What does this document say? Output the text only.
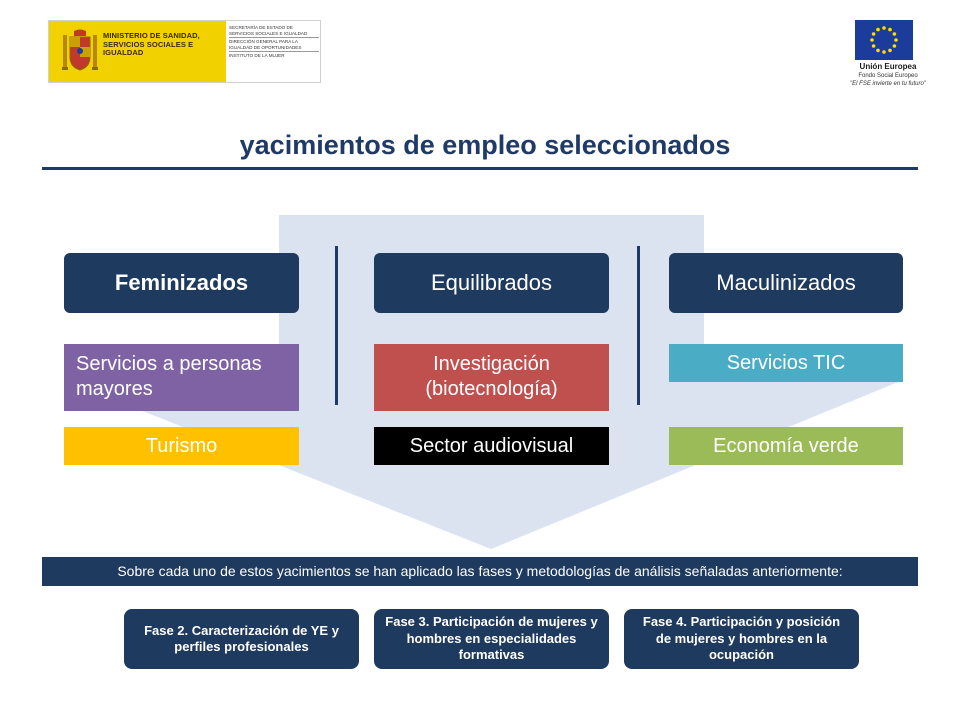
MINISTERIO DE SANIDAD, SERVICIOS SOCIALES E IGUALDAD
SECRETARÍA DE ESTADO DE SERVICIOS SOCIALES E IGUALDAD
DIRECCIÓN GENERAL PARA LA IGUALDAD DE OPORTUNIDADES
INSTITUTO DE LA MUJER
Unión Europea
Fondo Social Europeo
"El FSE invierte en tu futuro"
yacimientos de empleo seleccionados
Feminizados	Equilibrados	Maculinizados
Servicios a personas mayores
Investigación (biotecnología)
Servicios TIC
Turismo	Sector audiovisual	Economía verde
Sobre cada uno de estos yacimientos se han aplicado las fases y metodologías de análisis señaladas anteriormente:
Fase 2. Caracterización de YE y perfiles profesionales
Fase 3. Participación de mujeres y hombres en especialidades formativas
Fase 4. Participación y posición de mujeres y hombres en la ocupación
